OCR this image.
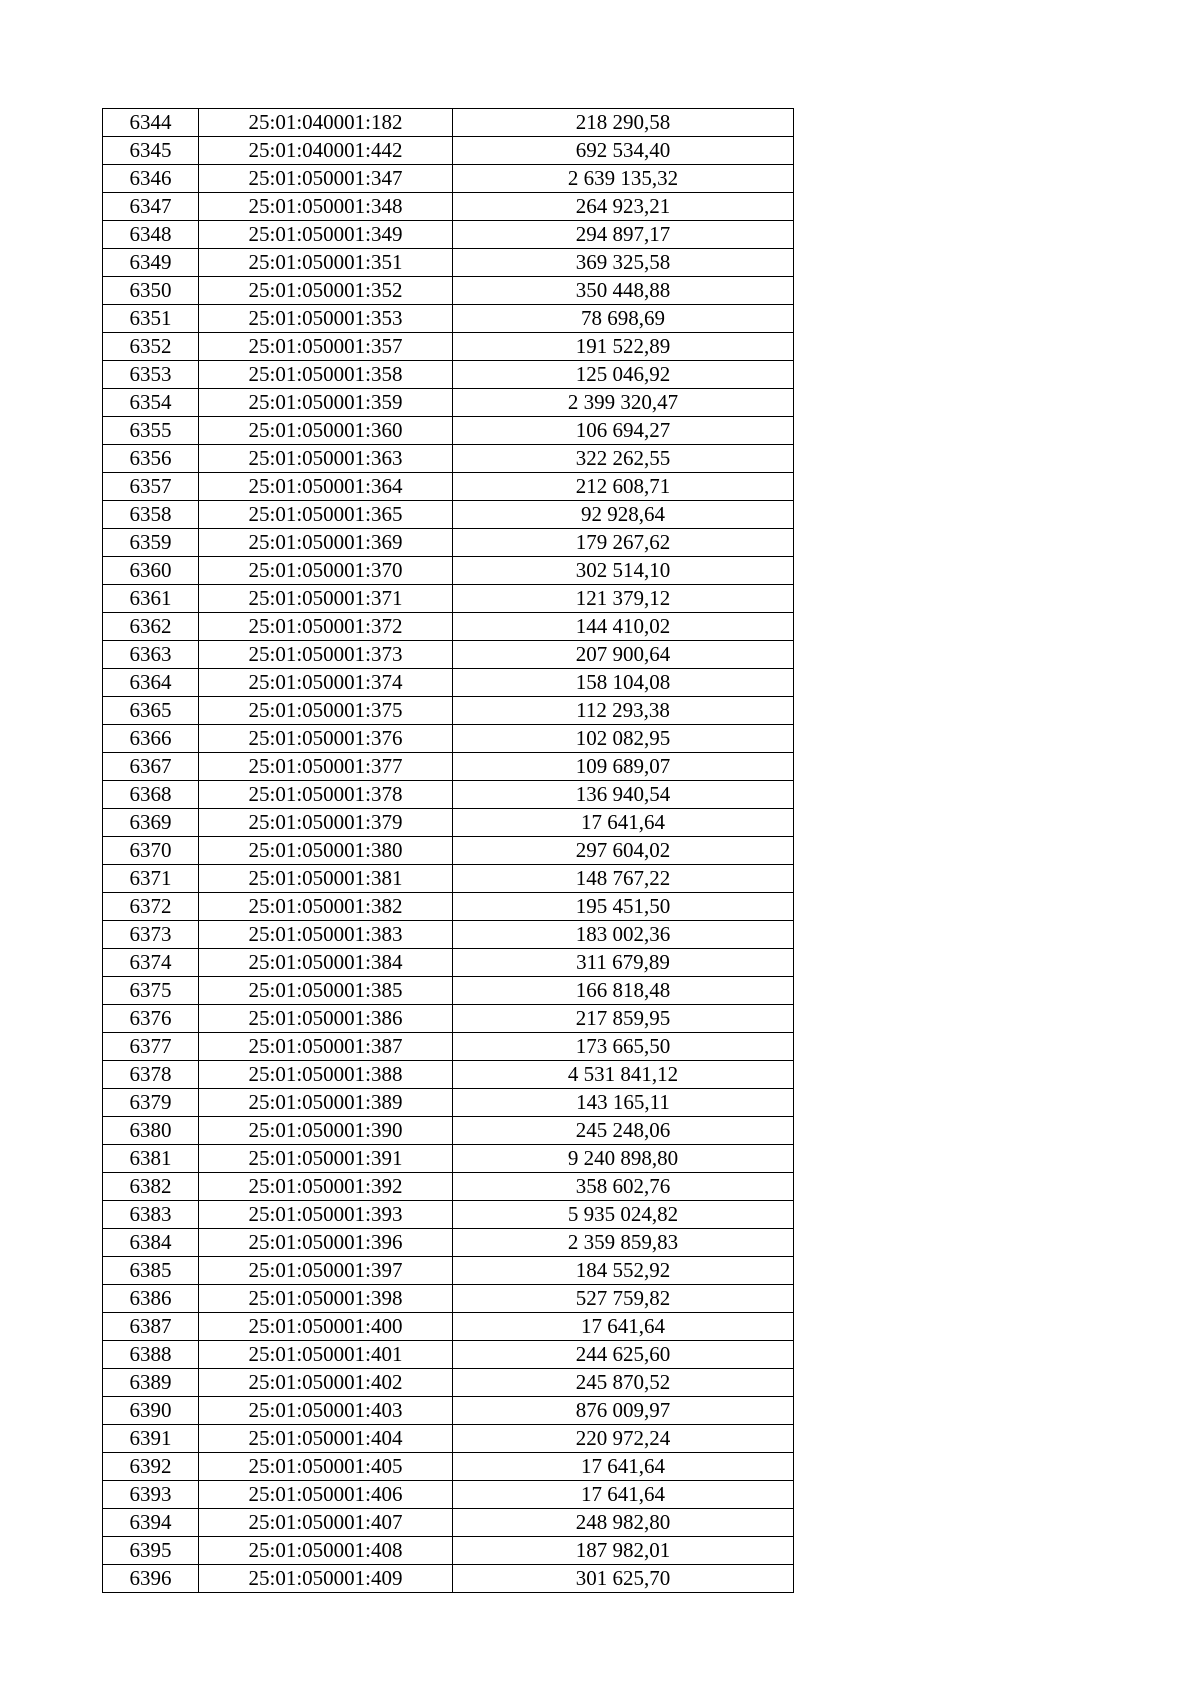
6344	25:01:040001:182	218 290,58
6345	25:01:040001:442	692 534,40
6346	25:01:050001:347	2 639 135,32
6347	25:01:050001:348	264 923,21
6348	25:01:050001:349	294 897,17
6349	25:01:050001:351	369 325,58
6350	25:01:050001:352	350 448,88
6351	25:01:050001:353	78 698,69
6352	25:01:050001:357	191 522,89
6353	25:01:050001:358	125 046,92
6354	25:01:050001:359	2 399 320,47
6355	25:01:050001:360	106 694,27
6356	25:01:050001:363	322 262,55
6357	25:01:050001:364	212 608,71
6358	25:01:050001:365	92 928,64
6359	25:01:050001:369	179 267,62
6360	25:01:050001:370	302 514,10
6361	25:01:050001:371	121 379,12
6362	25:01:050001:372	144 410,02
6363	25:01:050001:373	207 900,64
6364	25:01:050001:374	158 104,08
6365	25:01:050001:375	112 293,38
6366	25:01:050001:376	102 082,95
6367	25:01:050001:377	109 689,07
6368	25:01:050001:378	136 940,54
6369	25:01:050001:379	17 641,64
6370	25:01:050001:380	297 604,02
6371	25:01:050001:381	148 767,22
6372	25:01:050001:382	195 451,50
6373	25:01:050001:383	183 002,36
6374	25:01:050001:384	311 679,89
6375	25:01:050001:385	166 818,48
6376	25:01:050001:386	217 859,95
6377	25:01:050001:387	173 665,50
6378	25:01:050001:388	4 531 841,12
6379	25:01:050001:389	143 165,11
6380	25:01:050001:390	245 248,06
6381	25:01:050001:391	9 240 898,80
6382	25:01:050001:392	358 602,76
6383	25:01:050001:393	5 935 024,82
6384	25:01:050001:396	2 359 859,83
6385	25:01:050001:397	184 552,92
6386	25:01:050001:398	527 759,82
6387	25:01:050001:400	17 641,64
6388	25:01:050001:401	244 625,60
6389	25:01:050001:402	245 870,52
6390	25:01:050001:403	876 009,97
6391	25:01:050001:404	220 972,24
6392	25:01:050001:405	17 641,64
6393	25:01:050001:406	17 641,64
6394	25:01:050001:407	248 982,80
6395	25:01:050001:408	187 982,01
6396	25:01:050001:409	301 625,70
